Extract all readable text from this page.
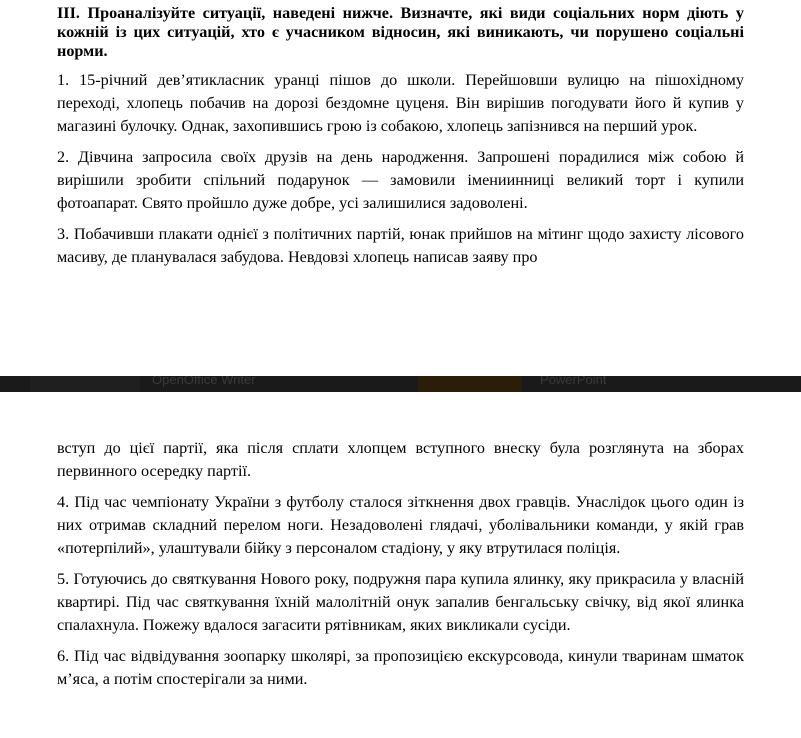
III. Проаналізуйте ситуації, наведені нижче. Визначте, які види соціальних норм діють у кожній із цих ситуацій, хто є учасником відносин, які виникають, чи порушено соціальні норми.

1. 15-річний дев’ятикласник уранці пішов до школи. Перейшовши вулицю на пішохідному переході, хлопець побачив на дорозі бездомне цуценя. Він вирішив погодувати його й купив у магазині булочку. Однак, захопившись грою із собакою, хлопець запізнився на перший урок.

2. Дівчина запросила своїх друзів на день народження. Запрошені порадилися між собою й вирішили зробити спільний подарунок — замовили імениинниці великий торт і купили фотоапарат. Свято пройшло дуже добре, усі залишилися задоволені.

3. Побачивши плакати однієї з політичних партій, юнак прийшов на мітинг щодо захисту лісового масиву, де планувалася забудова. Невдовзі хлопець написав заяву про

OpenOffice Writer	PowerPoint

вступ до цієї партії, яка після сплати хлопцем вступного внеску була розглянута на зборах первинного осередку партії.

4. Під час чемпіонату України з футболу сталося зіткнення двох гравців. Унаслідок цього один із них отримав складний перелом ноги. Незадоволені глядачі, уболівальники команди, у якій грав «потерпілий», улаштували бійку з персоналом стадіону, у яку втрутилася поліція.

5. Готуючись до святкування Нового року, подружня пара купила ялинку, яку прикрасила у власній квартирі. Під час святкування їхній малолітній онук запалив бенгальську свічку, від якої ялинка спалахнула. Пожежу вдалося загасити рятівникам, яких викликали сусіди.

6. Під час відвідування зоопарку школярі, за пропозицією екскурсовода, кинули тваринам шматок м’яса, а потім спостерігали за ними.
